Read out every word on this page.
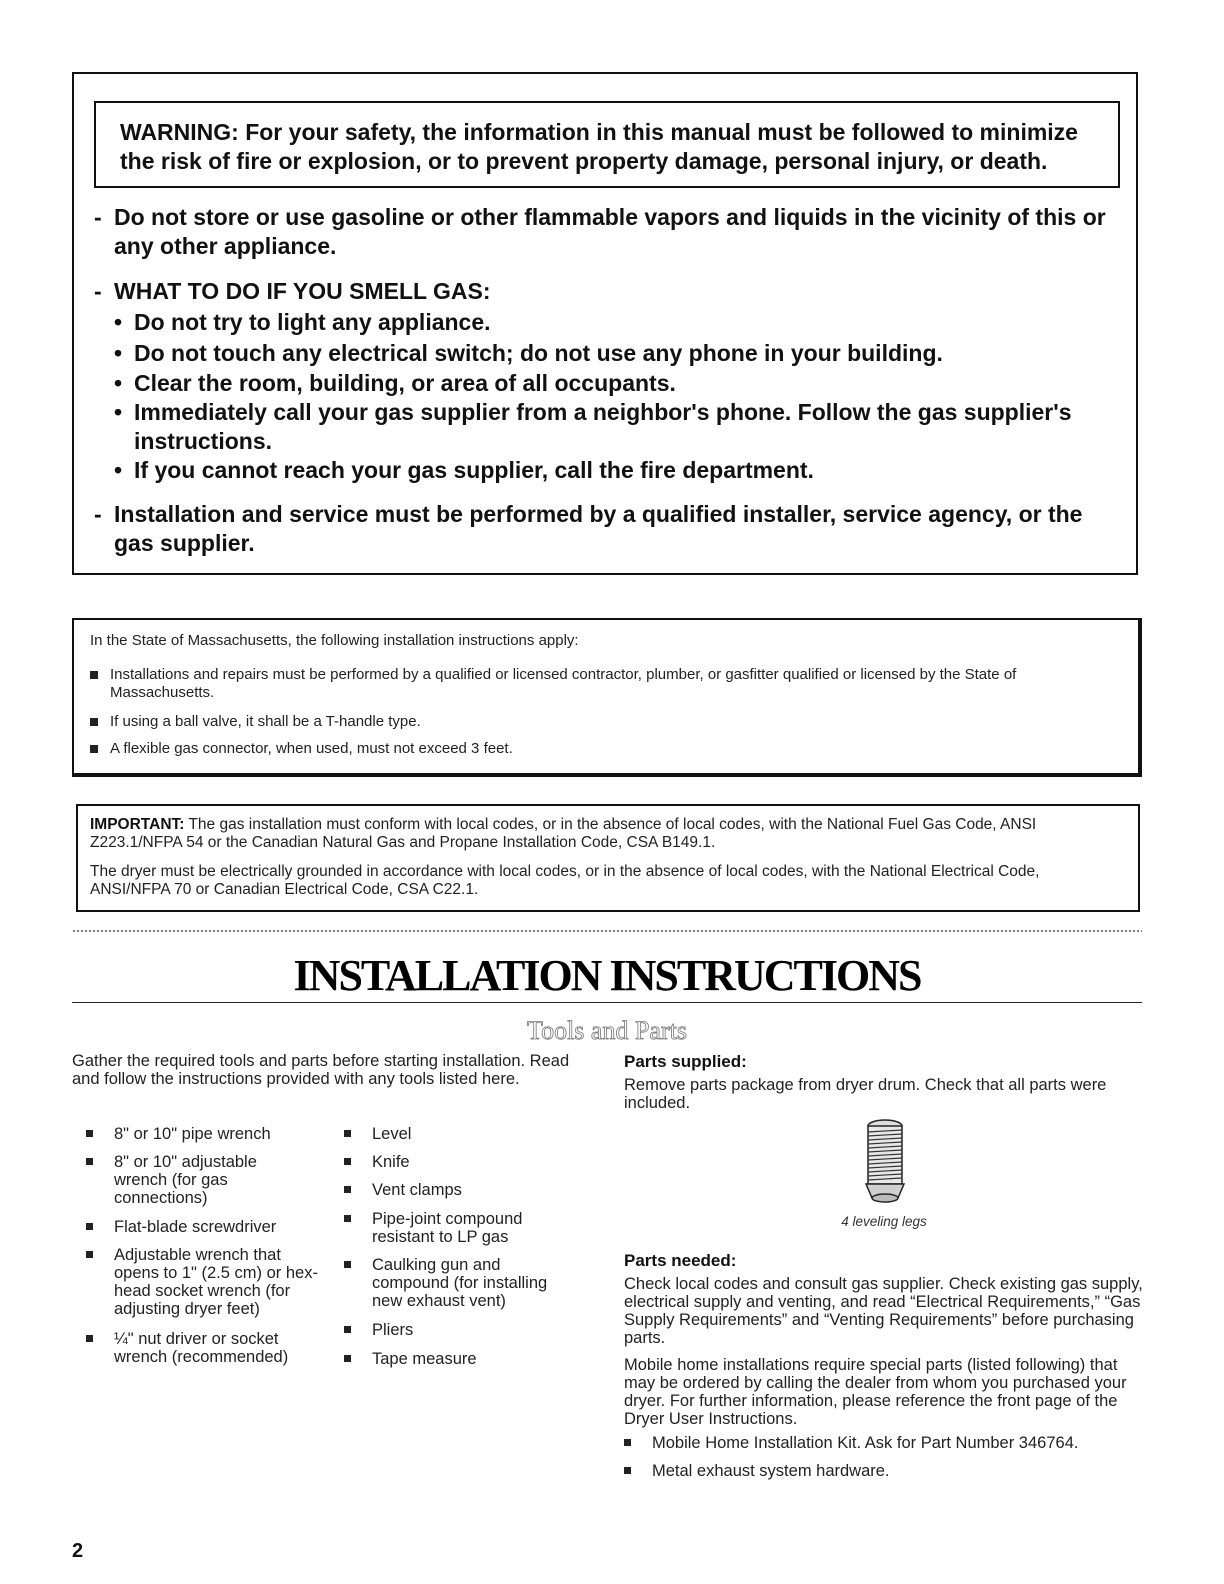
WARNING: For your safety, the information in this manual must be followed to minimize the risk of fire or explosion, or to prevent property damage, personal injury, or death.
- Do not store or use gasoline or other flammable vapors and liquids in the vicinity of this or any other appliance.
- WHAT TO DO IF YOU SMELL GAS:
• Do not try to light any appliance.
• Do not touch any electrical switch; do not use any phone in your building.
• Clear the room, building, or area of all occupants.
• Immediately call your gas supplier from a neighbor's phone. Follow the gas supplier's instructions.
• If you cannot reach your gas supplier, call the fire department.
- Installation and service must be performed by a qualified installer, service agency, or the gas supplier.
In the State of Massachusetts, the following installation instructions apply:
Installations and repairs must be performed by a qualified or licensed contractor, plumber, or gasfitter qualified or licensed by the State of Massachusetts.
If using a ball valve, it shall be a T-handle type.
A flexible gas connector, when used, must not exceed 3 feet.
IMPORTANT: The gas installation must conform with local codes, or in the absence of local codes, with the National Fuel Gas Code, ANSI Z223.1/NFPA 54 or the Canadian Natural Gas and Propane Installation Code, CSA B149.1.
The dryer must be electrically grounded in accordance with local codes, or in the absence of local codes, with the National Electrical Code, ANSI/NFPA 70 or Canadian Electrical Code, CSA C22.1.
INSTALLATION INSTRUCTIONS
Tools and Parts
Gather the required tools and parts before starting installation. Read and follow the instructions provided with any tools listed here.
8" or 10" pipe wrench
8" or 10" adjustable wrench (for gas connections)
Flat-blade screwdriver
Adjustable wrench that opens to 1" (2.5 cm) or hex-head socket wrench (for adjusting dryer feet)
¼" nut driver or socket wrench (recommended)
Level
Knife
Vent clamps
Pipe-joint compound resistant to LP gas
Caulking gun and compound (for installing new exhaust vent)
Pliers
Tape measure
Parts supplied:
Remove parts package from dryer drum. Check that all parts were included.
4 leveling legs
Parts needed:
Check local codes and consult gas supplier. Check existing gas supply, electrical supply and venting, and read “Electrical Requirements,” “Gas Supply Requirements” and “Venting Requirements” before purchasing parts.
Mobile home installations require special parts (listed following) that may be ordered by calling the dealer from whom you purchased your dryer. For further information, please reference the front page of the Dryer User Instructions.
Mobile Home Installation Kit. Ask for Part Number 346764.
Metal exhaust system hardware.
2
